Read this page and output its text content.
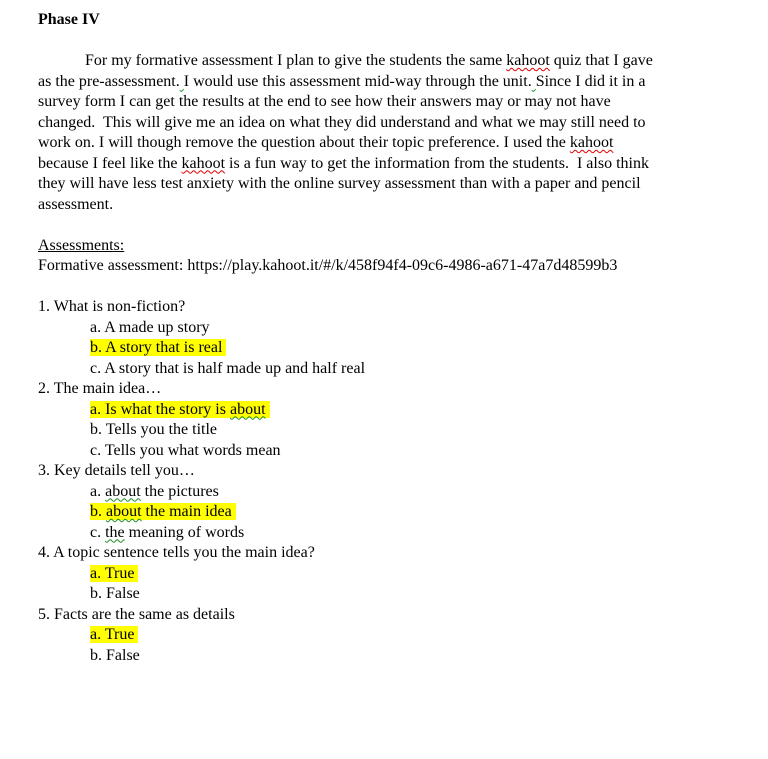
Phase IV
For my formative assessment I plan to give the students the same kahoot quiz that I gave
as the pre-assessment. I would use this assessment mid-way through the unit. Since I did it in a
survey form I can get the results at the end to see how their answers may or may not have
changed.  This will give me an idea on what they did understand and what we may still need to
work on. I will though remove the question about their topic preference. I used the kahoot
because I feel like the kahoot is a fun way to get the information from the students.  I also think
they will have less test anxiety with the online survey assessment than with a paper and pencil
assessment.
Assessments:
Formative assessment: https://play.kahoot.it/#/k/458f94f4-09c6-4986-a671-47a7d48599b3
1. What is non-fiction?
a. A made up story
b. A story that is real
c. A story that is half made up and half real
2. The main idea…
a. Is what the story is about
b. Tells you the title
c. Tells you what words mean
3. Key details tell you…
a. about the pictures
b. about the main idea
c. the meaning of words
4. A topic sentence tells you the main idea?
a. True
b. False
5. Facts are the same as details
a. True
b. False
